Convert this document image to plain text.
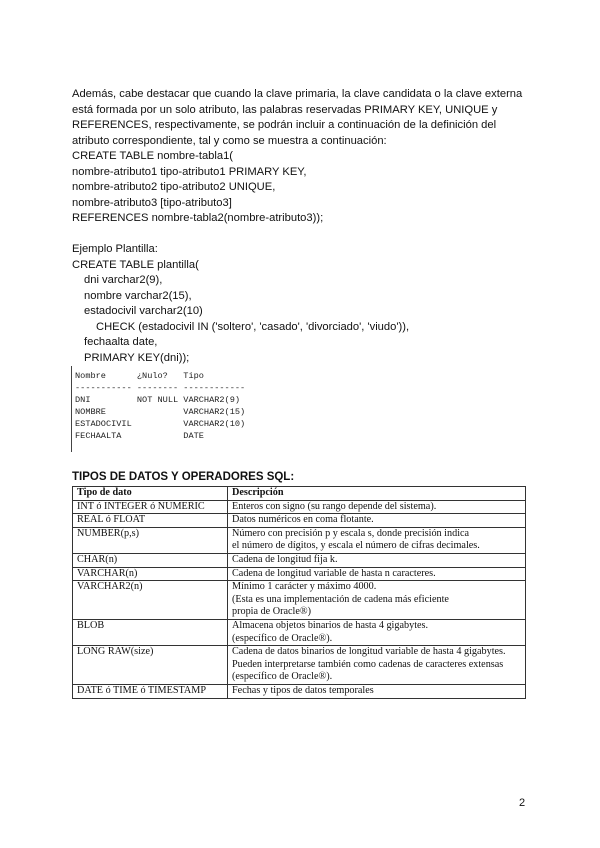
Además, cabe destacar que cuando la clave primaria, la clave candidata o la clave externa

está formada por un solo atributo, las palabras reservadas PRIMARY KEY, UNIQUE y

REFERENCES, respectivamente, se podrán incluir a continuación de la definición del

atributo correspondiente, tal y como se muestra a continuación:

CREATE TABLE nombre-tabla1(

nombre-atributo1 tipo-atributo1 PRIMARY KEY,

nombre-atributo2 tipo-atributo2 UNIQUE,

nombre-atributo3 [tipo-atributo3]

REFERENCES nombre-tabla2(nombre-atributo3));

Ejemplo Plantilla:

CREATE TABLE plantilla(

dni varchar2(9),

nombre varchar2(15),

estadocivil varchar2(10)

CHECK (estadocivil IN ('soltero', 'casado', 'divorciado', 'viudo')),

fechaalta date,

PRIMARY KEY(dni));

Nombre      ¿Nulo?   Tipo
----------- -------- ------------
DNI         NOT NULL VARCHAR2(9)
NOMBRE               VARCHAR2(15)
ESTADOCIVIL          VARCHAR2(10)
FECHAALTA            DATE
TIPOS DE DATOS Y OPERADORES SQL:
Tipo de dato	Descripción
INT ó INTEGER ó NUMERIC	Enteros con signo (su rango depende del sistema).

REAL ó FLOAT	Datos numéricos en coma flotante.

NUMBER(p,s)	Número con precisión p y escala s, donde precisión indica
el número de dígitos, y escala el número de cifras decimales.

CHAR(n)	Cadena de longitud fija k.

VARCHAR(n)	Cadena de longitud variable de hasta n caracteres.

VARCHAR2(n)	Mínimo 1 carácter y máximo 4000.
(Esta es una implementación de cadena más eficiente
propia de Oracle®)

BLOB	Almacena objetos binarios de hasta 4 gigabytes.
(específico de Oracle®).

LONG RAW(size)	Cadena de datos binarios de longitud variable de hasta 4 gigabytes.
Pueden interpretarse también como cadenas de caracteres extensas
(específico de Oracle®).

DATE ó TIME ó TIMESTAMP	Fechas y tipos de datos temporales
2
